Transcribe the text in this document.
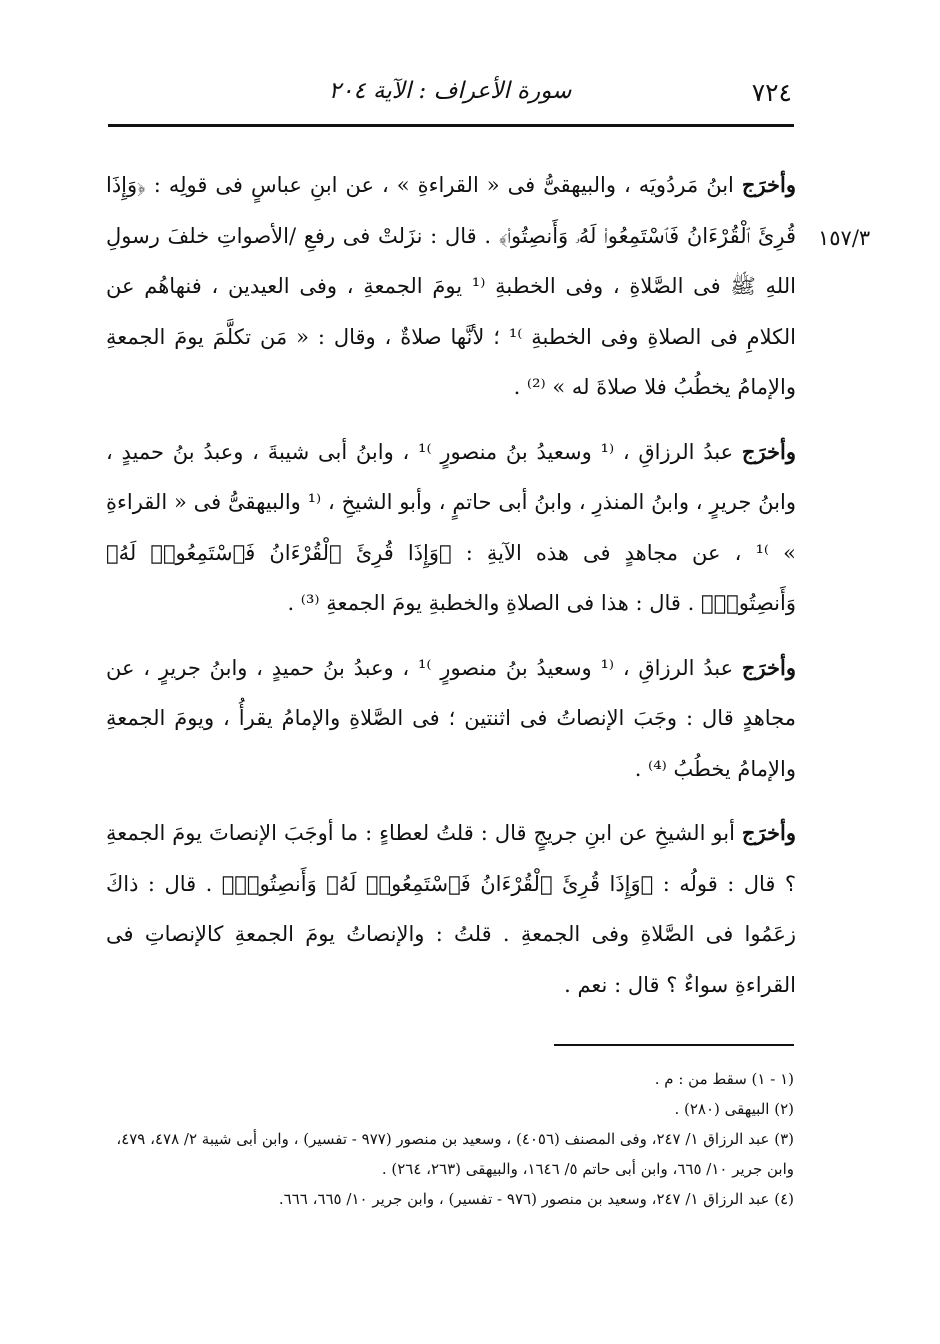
٧٢٤
سورة الأعراف : الآية ٢٠٤
١٥٧/٣

وأخرَج ابنُ مَردُويَه ، والبيهقىُّ فى « القراءةِ » ، عن ابنِ عباسٍ فى قولِه : ﴿وَإِذَا قُرِئَ ٱلْقُرْءَانُ فَٱسْتَمِعُوا۟ لَهُۥ وَأَنصِتُوا۟﴾ . قال : نزَلتْ فى رفعِ /الأصواتِ خلفَ رسولِ اللهِ ﷺ فى الصَّلاةِ ، وفى الخطبةِ ⁽¹ يومَ الجمعةِ ، وفى العيدين ، فنهاهُم عن الكلامِ فى الصلاةِ وفى الخطبةِ ⁾¹ ؛ لأنَّها صلاةٌ ، وقال : « مَن تكلَّمَ يومَ الجمعةِ والإمامُ يخطُبُ فلا صلاةَ له » ⁽²⁾ .

وأخرَج عبدُ الرزاقِ ، ⁽¹ وسعيدُ بنُ منصورٍ ⁾¹ ، وابنُ أبى شيبةَ ، وعبدُ بنُ حميدٍ ، وابنُ جريرٍ ، وابنُ المنذرِ ، وابنُ أبى حاتمٍ ، وأبو الشيخِ ، ⁽¹ والبيهقىُّ فى « القراءةِ » ⁾¹ ، عن مجاهدٍ فى هذه الآيةِ : ﴿وَإِذَا قُرِئَ ٱلْقُرْءَانُ فَٱسْتَمِعُوا۟ لَهُۥ وَأَنصِتُوا۟﴾ . قال : هذا فى الصلاةِ والخطبةِ يومَ الجمعةِ ⁽³⁾ .

وأخرَج عبدُ الرزاقِ ، ⁽¹ وسعيدُ بنُ منصورٍ ⁾¹ ، وعبدُ بنُ حميدٍ ، وابنُ جريرٍ ، عن مجاهدٍ قال : وجَبَ الإنصاتُ فى اثنتين ؛ فى الصَّلاةِ والإمامُ يقرأُ ، ويومَ الجمعةِ والإمامُ يخطُبُ ⁽⁴⁾ .

وأخرَج أبو الشيخِ عن ابنِ جريجٍ قال : قلتُ لعطاءٍ : ما أوجَبَ الإنصاتَ يومَ الجمعةِ ؟ قال : قولُه : ﴿وَإِذَا قُرِئَ ٱلْقُرْءَانُ فَٱسْتَمِعُوا۟ لَهُۥ وَأَنصِتُوا۟﴾ . قال : ذاكَ زعَمُوا فى الصَّلاةِ وفى الجمعةِ . قلتُ : والإنصاتُ يومَ الجمعةِ كالإنصاتِ فى القراءةِ سواءٌ ؟ قال : نعم .

(١ - ١) سقط من : م .

(٢) البيهقى (٢٨٠) .

(٣) عبد الرزاق ١/ ٢٤٧، وفى المصنف (٤٠٥٦) ، وسعيد بن منصور (٩٧٧ - تفسير) ، وابن أبى شيبة ٢/ ٤٧٨، ٤٧٩، وابن جرير ١٠/ ٦٦٥، وابن أبى حاتم ٥/ ١٦٤٦، والبيهقى (٢٦٣، ٢٦٤) .

(٤) عبد الرزاق ١/ ٢٤٧، وسعيد بن منصور (٩٧٦ - تفسير) ، وابن جرير ١٠/ ٦٦٥، ٦٦٦.
